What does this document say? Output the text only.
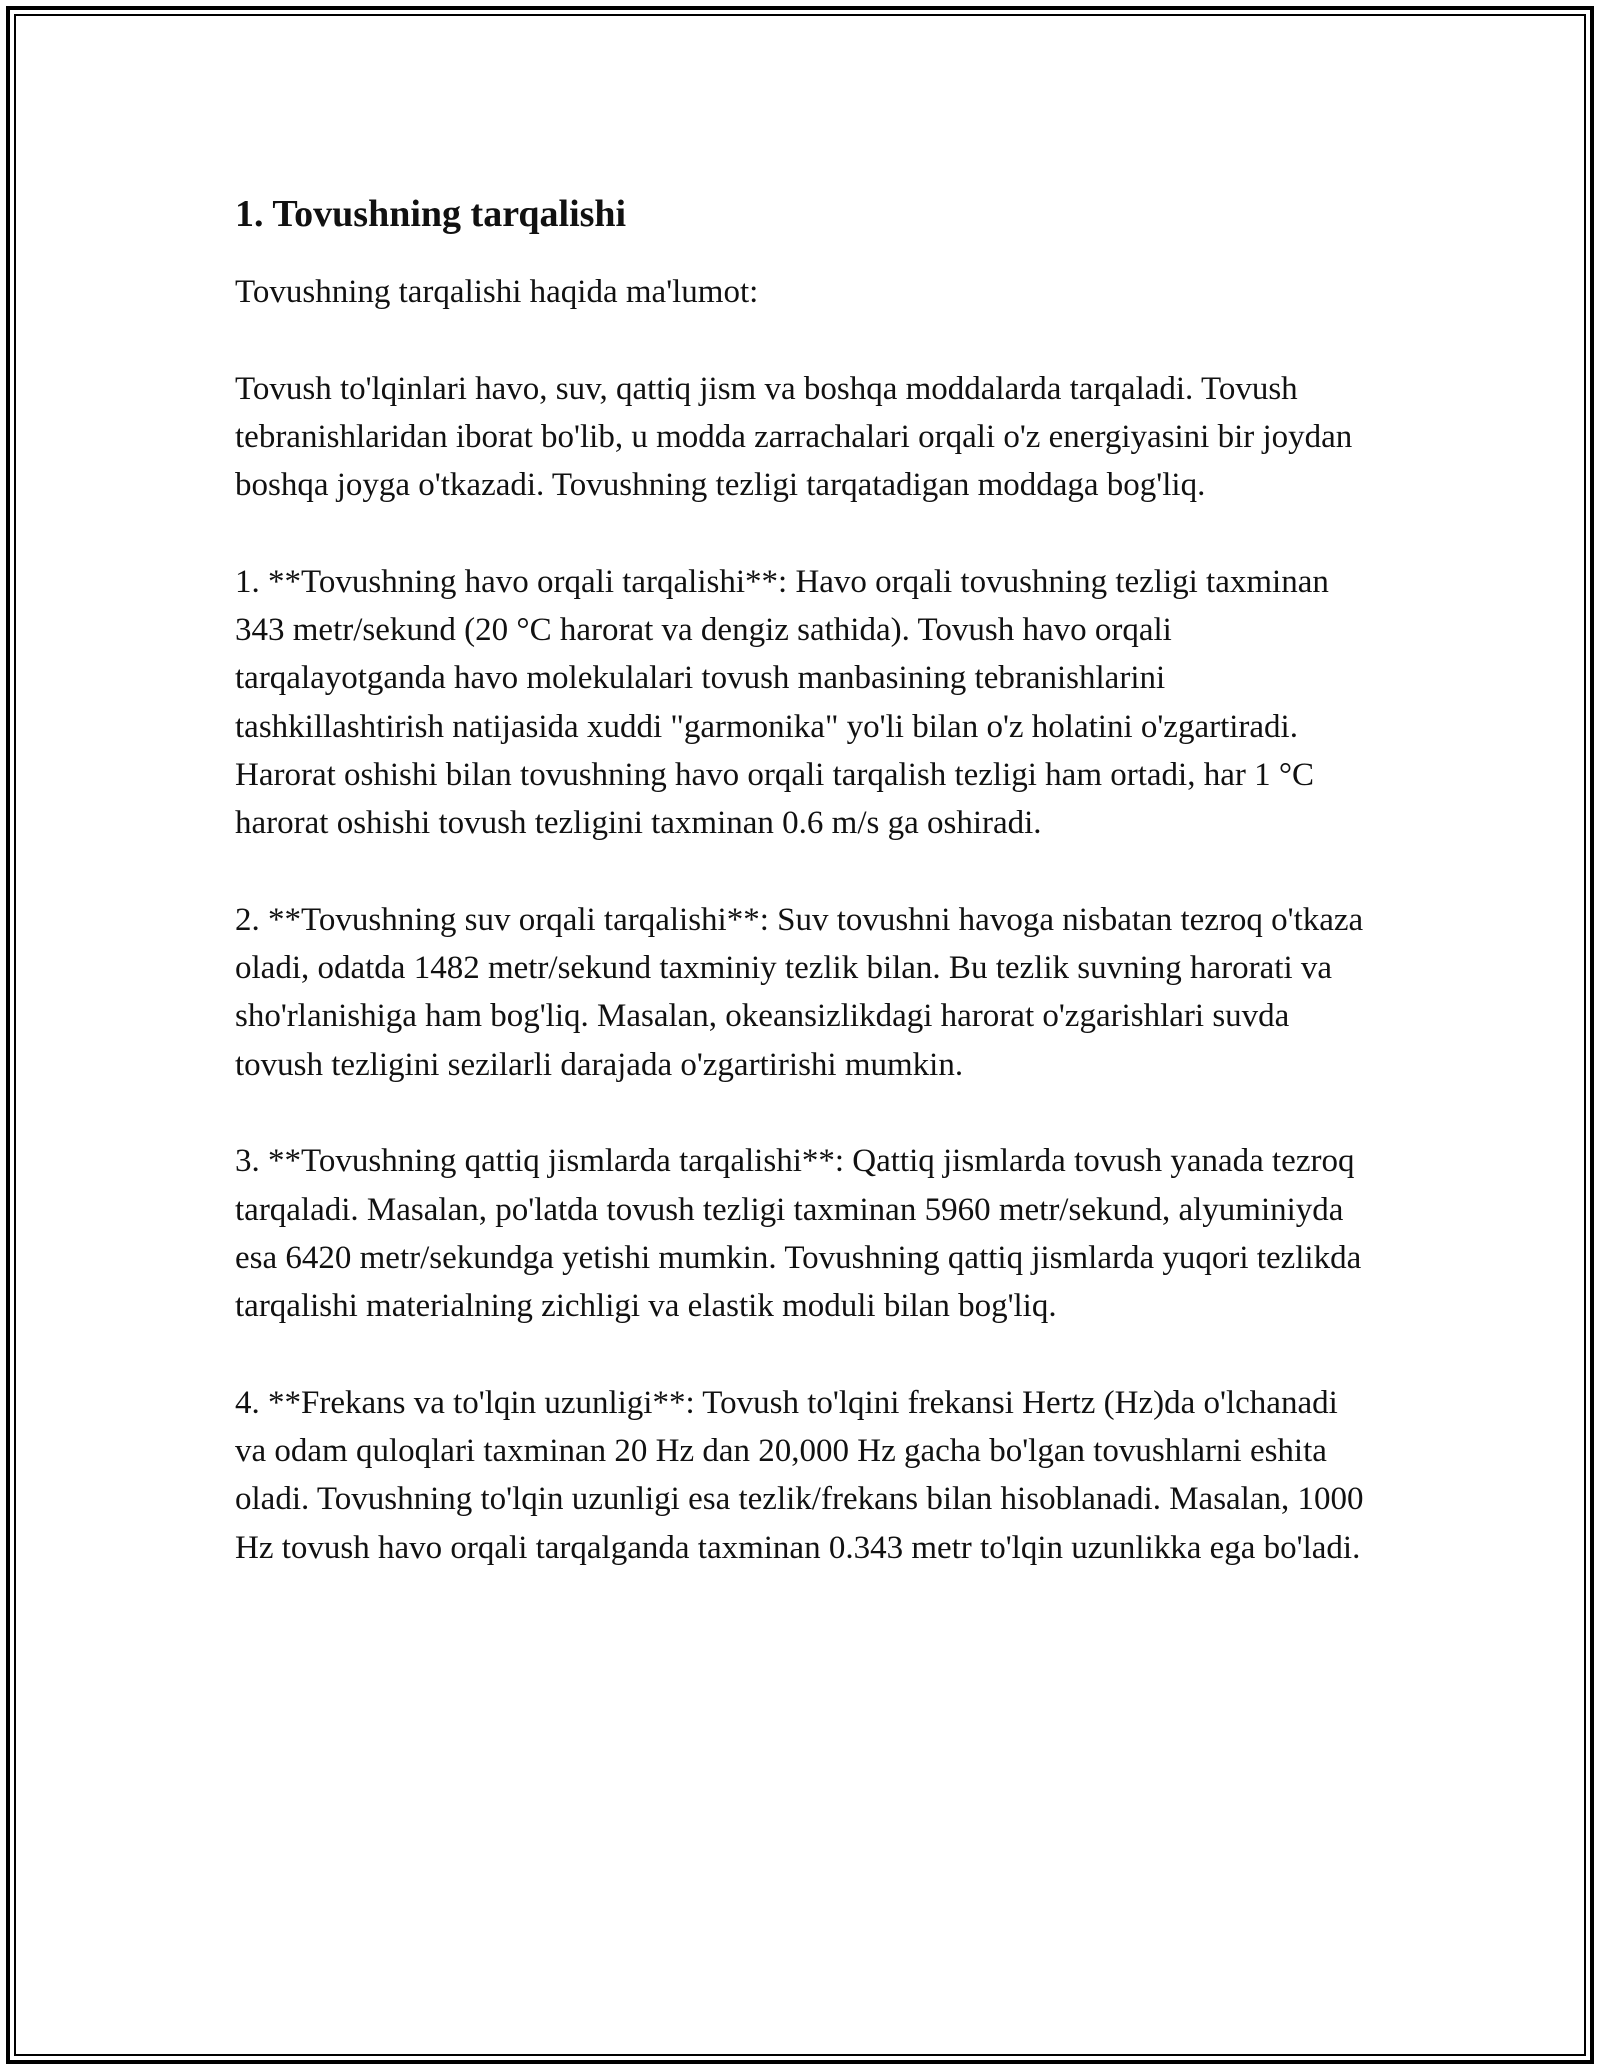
1. Tovushning tarqalishi

Tovushning tarqalishi haqida ma'lumot:

Tovush to'lqinlari havo, suv, qattiq jism va boshqa moddalarda tarqaladi. Tovush tebranishlaridan iborat bo'lib, u modda zarrachalari orqali o'z energiyasini bir joydan boshqa joyga o'tkazadi. Tovushning tezligi tarqatadigan moddaga bog'liq.

1. **Tovushning havo orqali tarqalishi**: Havo orqali tovushning tezligi taxminan 343 metr/sekund (20 °C harorat va dengiz sathida). Tovush havo orqali tarqalayotganda havo molekulalari tovush manbasining tebranishlarini tashkillashtirish natijasida xuddi "garmonika" yo'li bilan o'z holatini o'zgartiradi. Harorat oshishi bilan tovushning havo orqali tarqalish tezligi ham ortadi, har 1 °C harorat oshishi tovush tezligini taxminan 0.6 m/s ga oshiradi.

2. **Tovushning suv orqali tarqalishi**: Suv tovushni havoga nisbatan tezroq o'tkaza oladi, odatda 1482 metr/sekund taxminiy tezlik bilan. Bu tezlik suvning harorati va sho'rlanishiga ham bog'liq. Masalan, okeansizlikdagi harorat o'zgarishlari suvda tovush tezligini sezilarli darajada o'zgartirishi mumkin.

3. **Tovushning qattiq jismlarda tarqalishi**: Qattiq jismlarda tovush yanada tezroq tarqaladi. Masalan, po'latda tovush tezligi taxminan 5960 metr/sekund, alyuminiyda esa 6420 metr/sekundga yetishi mumkin. Tovushning qattiq jismlarda yuqori tezlikda tarqalishi materialning zichligi va elastik moduli bilan bog'liq.

4. **Frekans va to'lqin uzunligi**: Tovush to'lqini frekansi Hertz (Hz)da o'lchanadi va odam quloqlari taxminan 20 Hz dan 20,000 Hz gacha bo'lgan tovushlarni eshita oladi. Tovushning to'lqin uzunligi esa tezlik/frekans bilan hisoblanadi. Masalan, 1000 Hz tovush havo orqali tarqalganda taxminan 0.343 metr to'lqin uzunlikka ega bo'ladi.
